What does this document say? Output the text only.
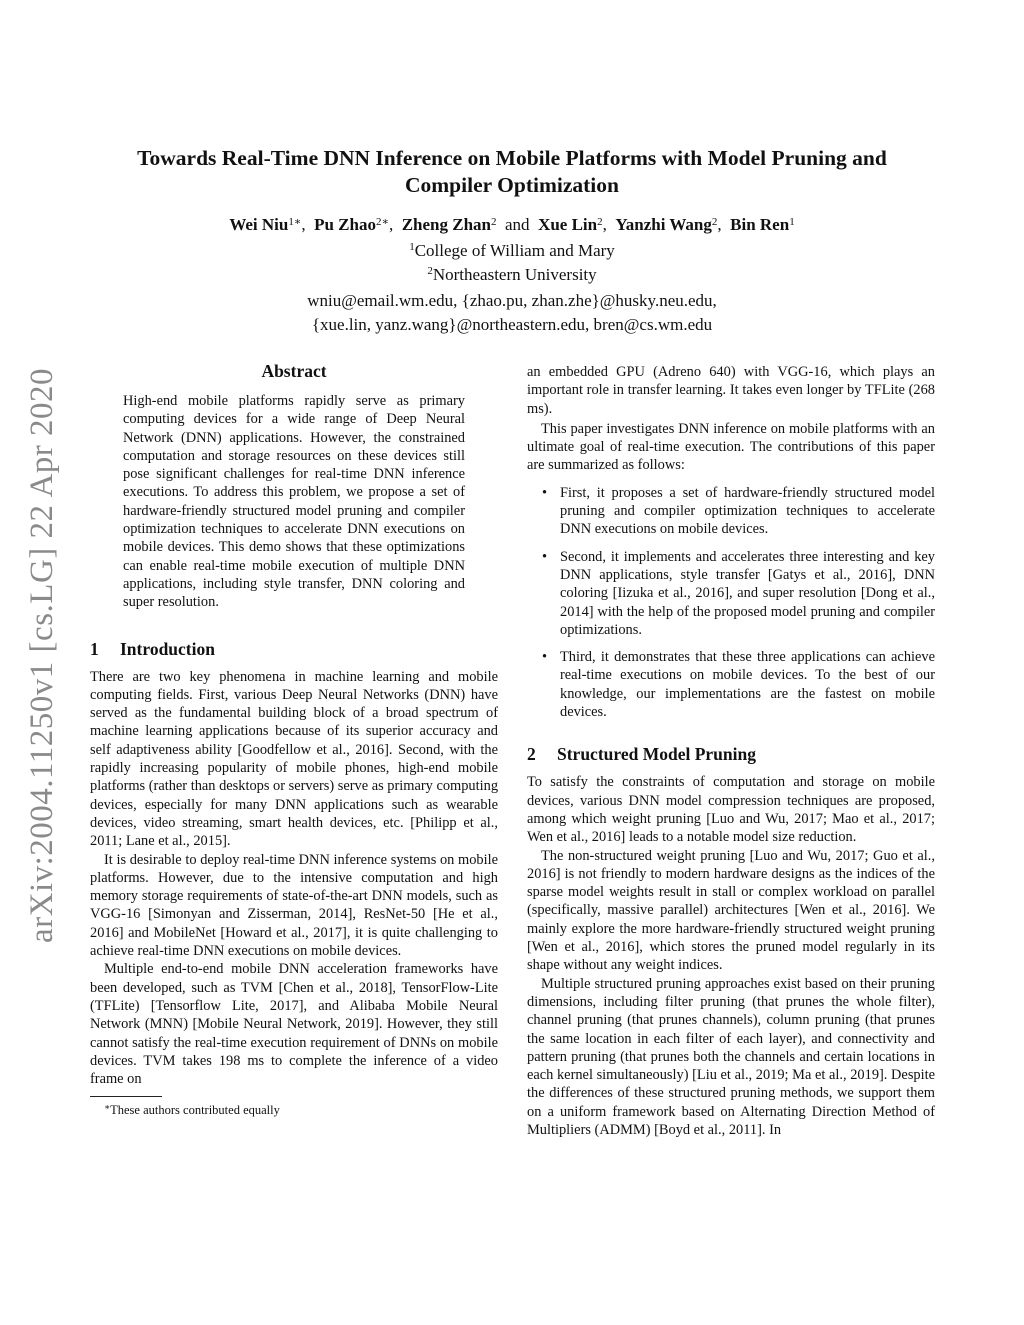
arXiv:2004.11250v1 [cs.LG] 22 Apr 2020
Towards Real-Time DNN Inference on Mobile Platforms with Model Pruning and
Compiler Optimization
Wei Niu$^{1∗}$,  Pu Zhao$^{2∗}$,  Zheng Zhan$^2$ and Xue Lin$^2$,  Yanzhi Wang$^2$,  Bin Ren$^1$
$^1$College of William and Mary
$^2$Northeastern University
wniu@email.wm.edu, {zhao.pu, zhan.zhe}@husky.neu.edu,
{xue.lin, yanz.wang}@northeastern.edu, bren@cs.wm.edu
Abstract

High-end mobile platforms rapidly serve as primary computing devices for a wide range of Deep Neural Network (DNN) applications. However, the constrained computation and storage resources on these devices still pose significant challenges for real-time DNN inference executions. To address this problem, we propose a set of hardware-friendly structured model pruning and compiler optimization techniques to accelerate DNN executions on mobile devices. This demo shows that these optimizations can enable real-time mobile execution of multiple DNN applications, including style transfer, DNN coloring and super resolution.

1 Introduction

There are two key phenomena in machine learning and mobile computing fields. First, various Deep Neural Networks (DNN) have served as the fundamental building block of a broad spectrum of machine learning applications because of its superior accuracy and self adaptiveness ability [Goodfellow et al., 2016]. Second, with the rapidly increasing popularity of mobile phones, high-end mobile platforms (rather than desktops or servers) serve as primary computing devices, especially for many DNN applications such as wearable devices, video streaming, smart health devices, etc. [Philipp et al., 2011; Lane et al., 2015].

It is desirable to deploy real-time DNN inference systems on mobile platforms. However, due to the intensive computation and high memory storage requirements of state-of-the-art DNN models, such as VGG-16 [Simonyan and Zisserman, 2014], ResNet-50 [He et al., 2016] and MobileNet [Howard et al., 2017], it is quite challenging to achieve real-time DNN executions on mobile devices.

Multiple end-to-end mobile DNN acceleration frameworks have been developed, such as TVM [Chen et al., 2018], TensorFlow-Lite (TFLite) [Tensorflow Lite, 2017], and Alibaba Mobile Neural Network (MNN) [Mobile Neural Network, 2019]. However, they still cannot satisfy the real-time execution requirement of DNNs on mobile devices. TVM takes 198 ms to complete the inference of a video frame on

∗These authors contributed equally

an embedded GPU (Adreno 640) with VGG-16, which plays an important role in transfer learning. It takes even longer by TFLite (268 ms).

This paper investigates DNN inference on mobile platforms with an ultimate goal of real-time execution. The contributions of this paper are summarized as follows:

• First, it proposes a set of hardware-friendly structured model pruning and compiler optimization techniques to accelerate DNN executions on mobile devices.
• Second, it implements and accelerates three interesting and key DNN applications, style transfer [Gatys et al., 2016], DNN coloring [Iizuka et al., 2016], and super resolution [Dong et al., 2014] with the help of the proposed model pruning and compiler optimizations.
• Third, it demonstrates that these three applications can achieve real-time executions on mobile devices. To the best of our knowledge, our implementations are the fastest on mobile devices.
2 Structured Model Pruning

To satisfy the constraints of computation and storage on mobile devices, various DNN model compression techniques are proposed, among which weight pruning [Luo and Wu, 2017; Mao et al., 2017; Wen et al., 2016] leads to a notable model size reduction.

The non-structured weight pruning [Luo and Wu, 2017; Guo et al., 2016] is not friendly to modern hardware designs as the indices of the sparse model weights result in stall or complex workload on parallel (specifically, massive parallel) architectures [Wen et al., 2016]. We mainly explore the more hardware-friendly structured weight pruning [Wen et al., 2016], which stores the pruned model regularly in its shape without any weight indices.

Multiple structured pruning approaches exist based on their pruning dimensions, including filter pruning (that prunes the whole filter), channel pruning (that prunes channels), column pruning (that prunes the same location in each filter of each layer), and connectivity and pattern pruning (that prunes both the channels and certain locations in each kernel simultaneously) [Liu et al., 2019; Ma et al., 2019]. Despite the differences of these structured pruning methods, we support them on a uniform framework based on Alternating Direction Method of Multipliers (ADMM) [Boyd et al., 2011]. In
